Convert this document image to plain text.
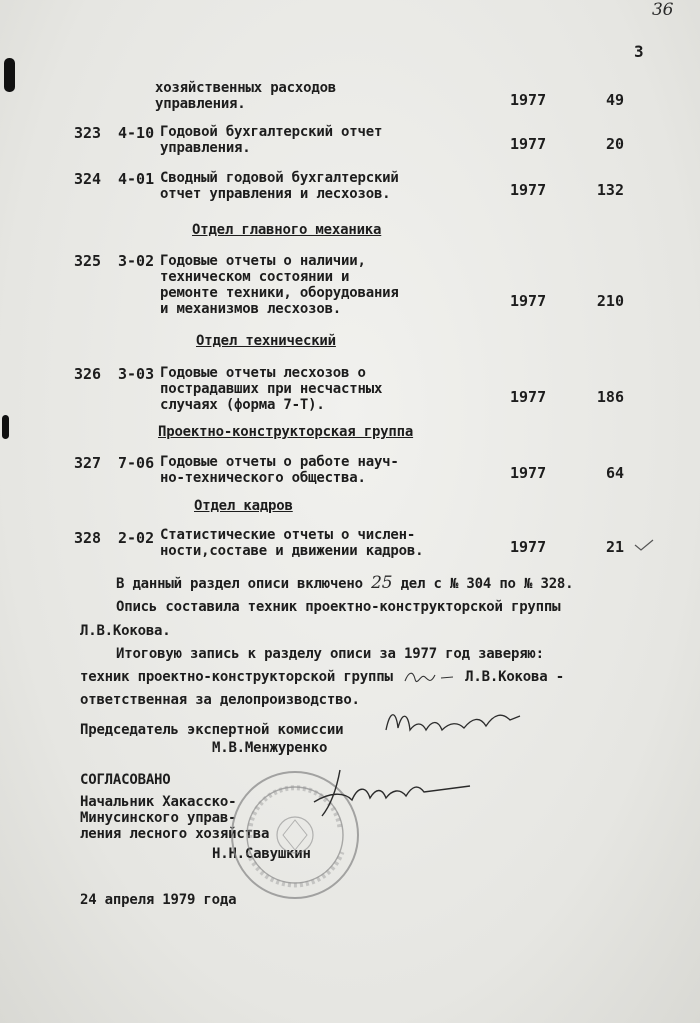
36
3
хозяйственных расходов
управления.	1977	49
323 4-10 Годовой бухгалтерский отчет
управления.	1977	20
324 4-01 Сводный годовой бухгалтерский
отчет управления и лесхозов.	1977	132
Отдел главного механика
325 3-02 Годовые отчеты о наличии,
техническом состоянии и
ремонте техники, оборудования
и механизмов лесхозов.	1977	210
Отдел технический
326 3-03 Годовые отчеты лесхозов о
пострадавших при несчастных
случаях (форма 7-Т).	1977	186
Проектно-конструкторская группа
327 7-06 Годовые отчеты о работе науч-
но-технического общества.	1977	64
Отдел кадров
328 2-02 Статистические отчеты о числен-
ности,составе и движении кадров.	1977	21
В данный раздел описи включено 25 дел с № 304 по № 328.
Опись составила техник проектно-конструкторской группы
Л.В.Кокова.
Итоговую запись к разделу описи за 1977 год заверяю:
техник проектно-конструкторской группы	Л.В.Кокова -
ответственная за делопроизводство.
Председатель экспертной комиссии
М.В.Менжуренко
СОГЛАСОВАНО
Начальник Хакасско-
Минусинского управ-
ления лесного хозяйства
Н.Н.Савушкин
24 апреля 1979 года
